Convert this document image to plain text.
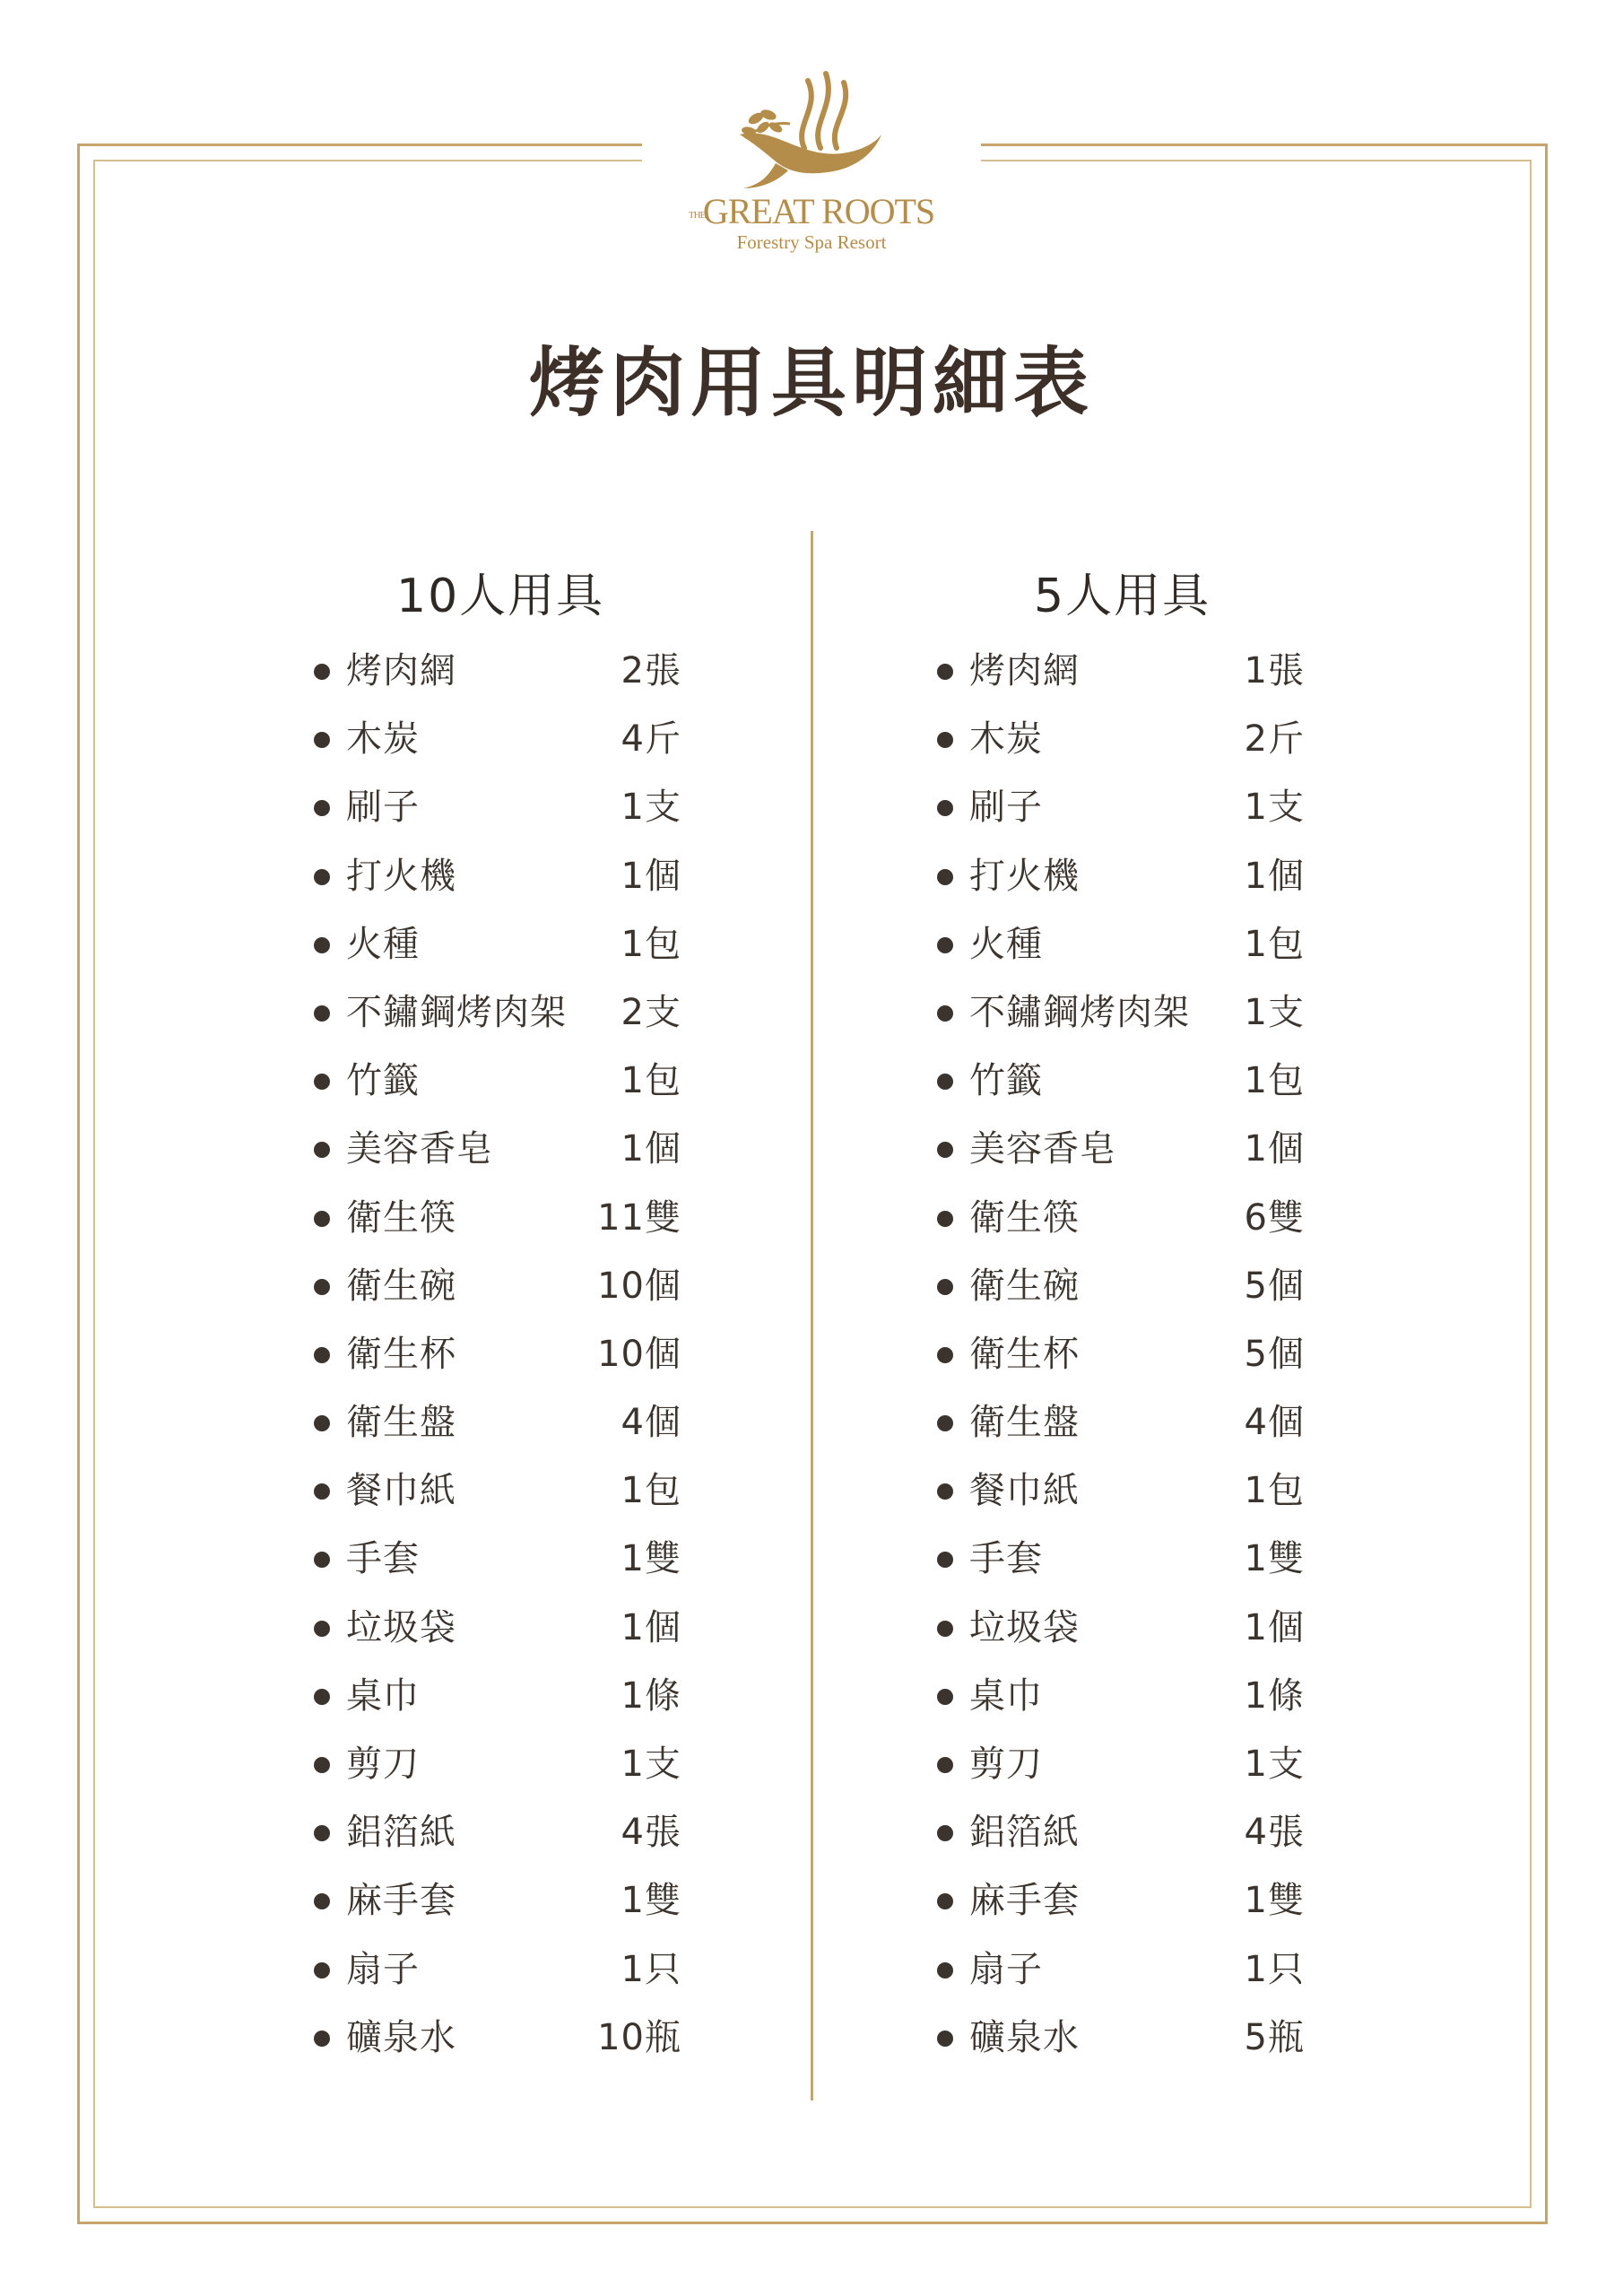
THEGREAT ROOTS
Forestry Spa Resort
烤肉用具明細表
10人用具
烤肉網	2張
木炭	4斤
刷子	1支
打火機	1個
火種	1包
不鏽鋼烤肉架 2支
竹籤	1包
美容香皂	1個
衛生筷	11雙
衛生碗	10個
衛生杯	10個
衛生盤	4個
餐巾紙	1包
手套	1雙
垃圾袋	1個
桌巾	1條
剪刀	1支
鋁箔紙	4張
麻手套	1雙
扇子	1只
礦泉水	10瓶
5人用具
烤肉網	1張
木炭	2斤
刷子	1支
打火機	1個
火種	1包
不鏽鋼烤肉架 1支
竹籤	1包
美容香皂	1個
衛生筷	6雙
衛生碗	5個
衛生杯	5個
衛生盤	4個
餐巾紙	1包
手套	1雙
垃圾袋	1個
桌巾	1條
剪刀	1支
鋁箔紙	4張
麻手套	1雙
扇子	1只
礦泉水	5瓶
